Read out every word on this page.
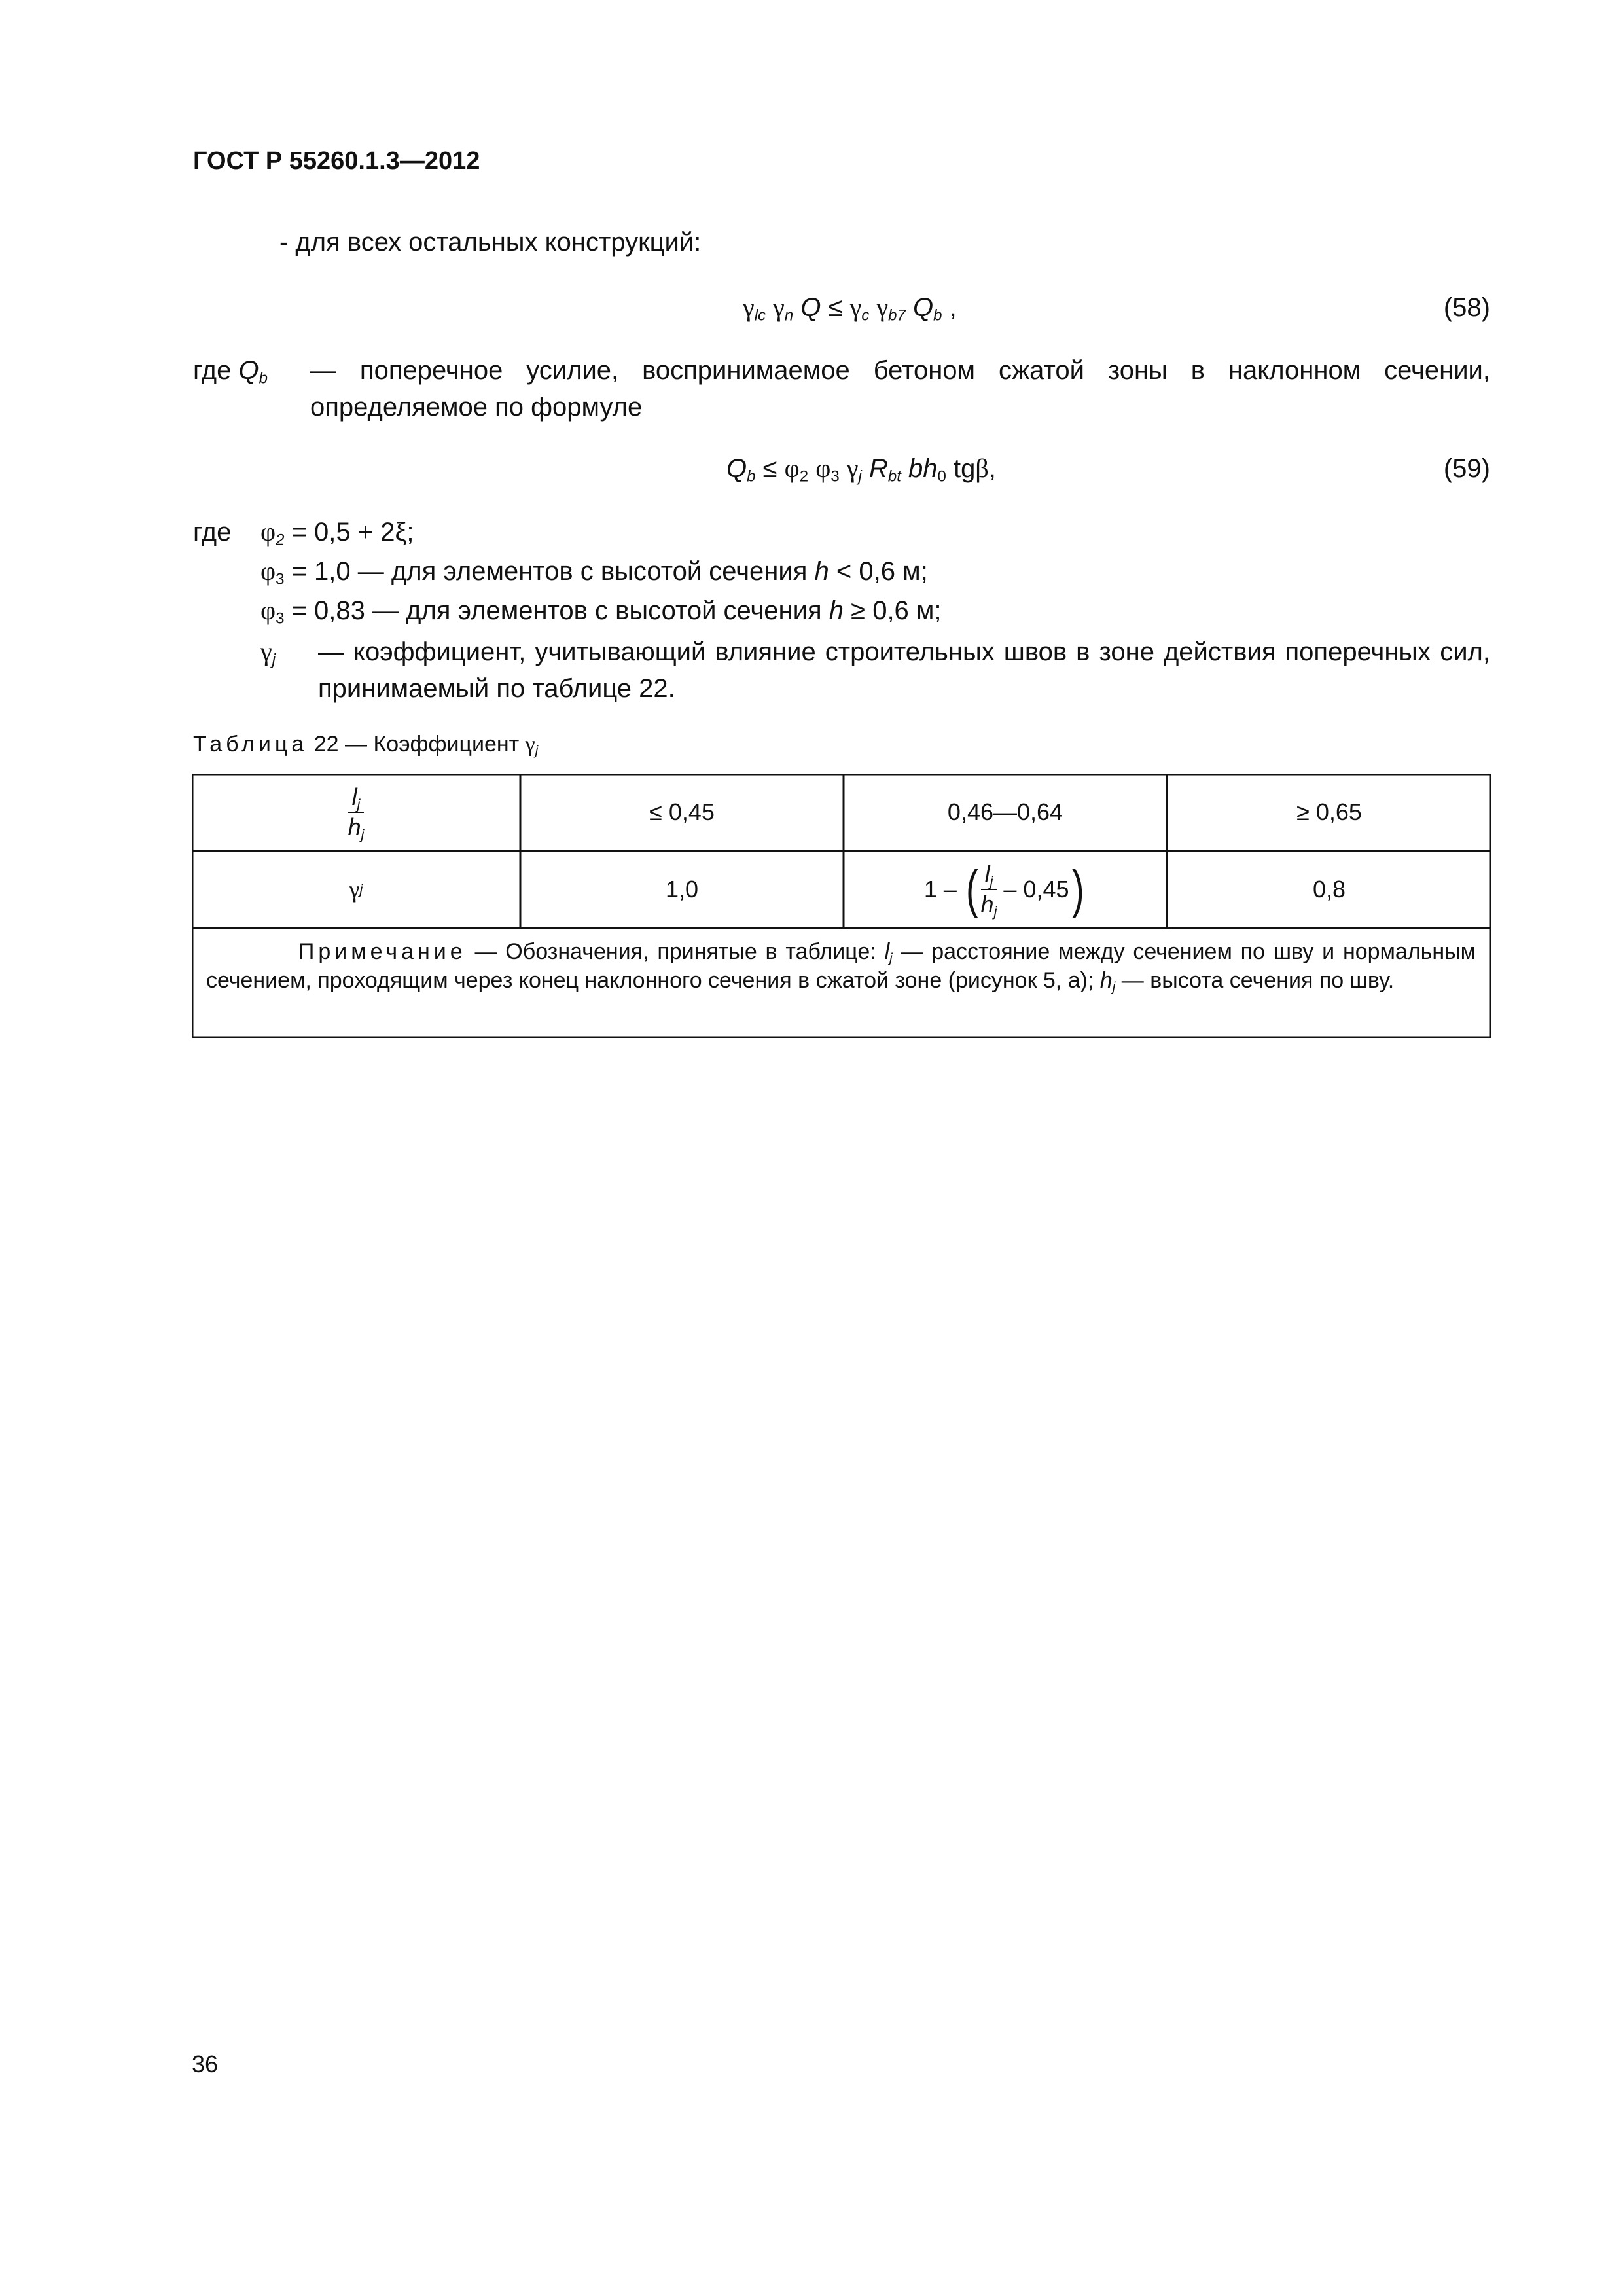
ГОСТ Р 55260.1.3—2012
- для всех остальных конструкций:
$\gamma_{lc}$ $\gamma_n$ $Q \le \gamma_c$ $\gamma_{b7}$ $Q_b$ ,	(58)
где $Q_b$ — поперечное усилие, воспринимаемое бетоном сжатой зоны в наклонном сечении, определяемое по формуле
$Q_b \le \varphi_2$ $\varphi_3$ $\gamma_j$ $R_{bt}$ $bh_0$ tgβ,	(59)
где $\varphi_2 = 0,5 + 2\xi$;
$\varphi_3 = 1,0$ — для элементов с высотой сечения h < 0,6 м;
$\varphi_3 = 0,83$ — для элементов с высотой сечения h ≥ 0,6 м;
$\gamma_j$ — коэффициент, учитывающий влияние строительных швов в зоне действия поперечных сил, принимаемый по таблице 22.
Таблица 22 — Коэффициент $\gamma_j$
$\frac{l_j}{h_j}$	≤ 0,45	0,46—0,64	≥ 0,65
γ j	1,0	1 –
( $\frac{l_j}{h_j}$
– 0,45 )	0,8
Примечание — Обозначения, принятые в таблице: $l_j$ — расстояние между сечением по шву и нормальным сечением, проходящим через конец наклонного сечения в сжатой зоне (рисунок 5, а); $h_j$ — высота сечения по шву.
36
